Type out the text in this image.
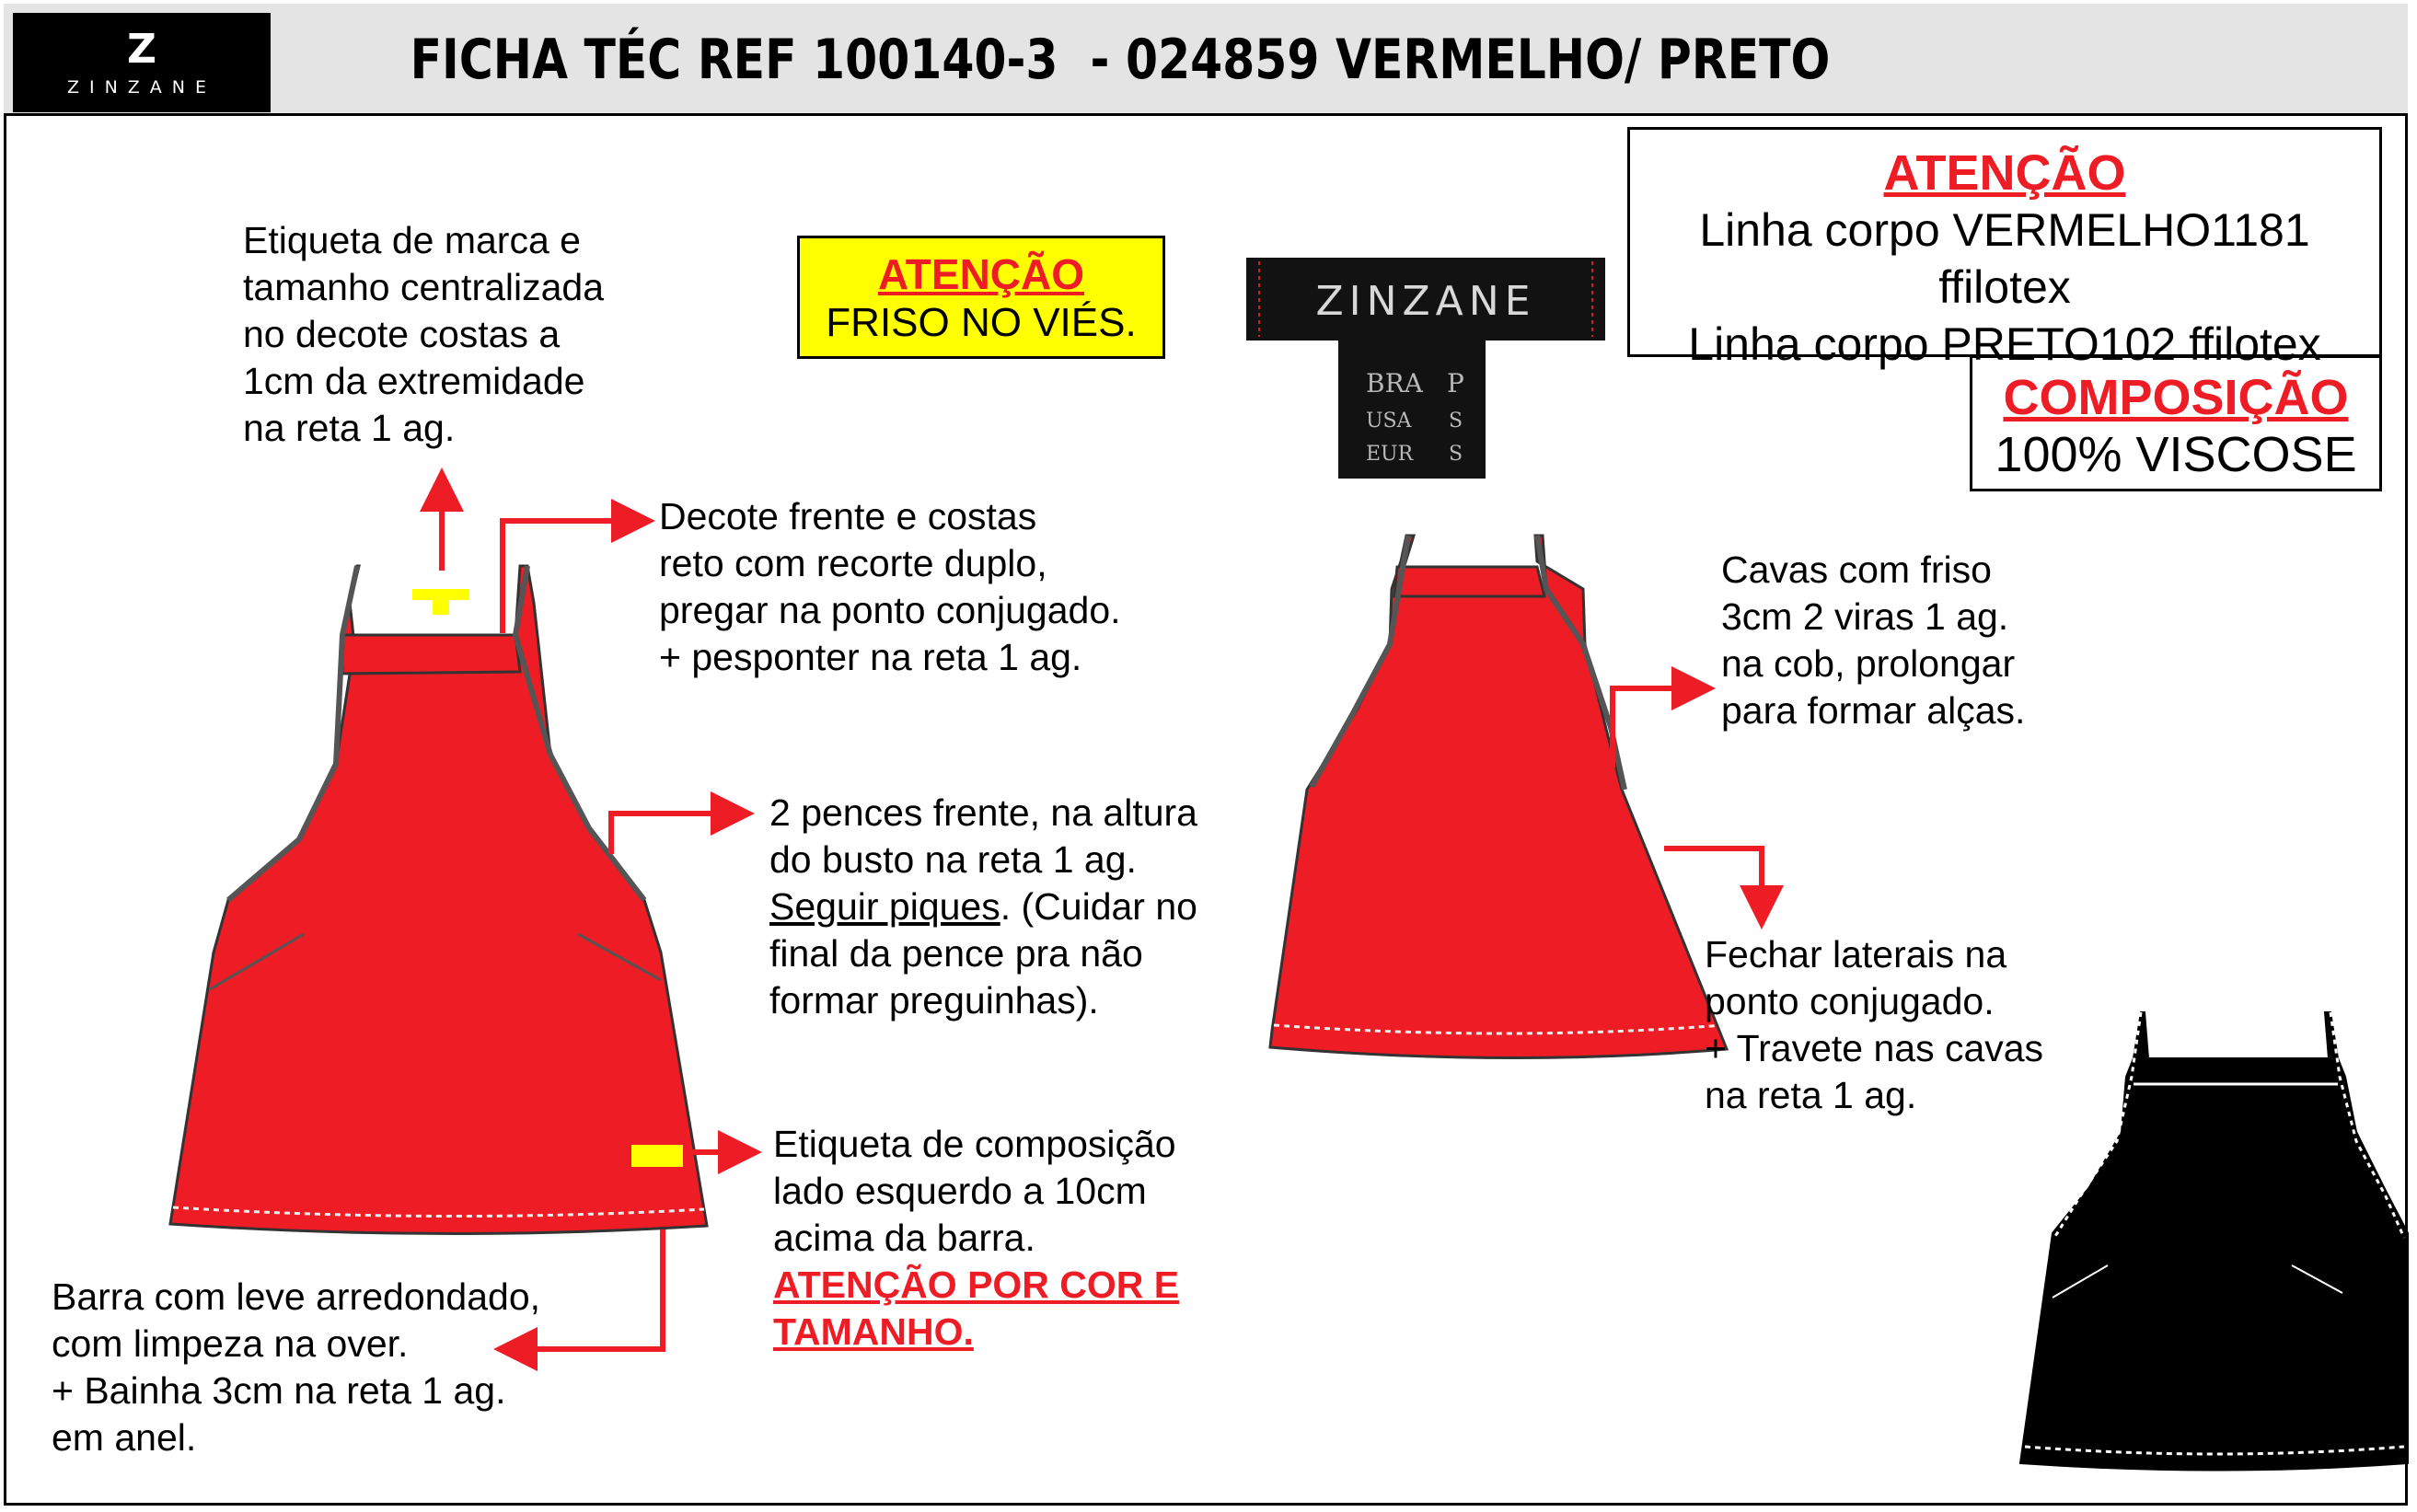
Z
ZINZANE	FICHA TÉC REF 100140-3  - 024859 VERMELHO/ PRETO
Etiqueta de marca e
tamanho centralizada
no decote costas a
1cm da extremidade
na reta 1 ag.
Decote frente e costas
reto com recorte duplo,
pregar na ponto conjugado.
+ pesponter na reta 1 ag.
2 pences frente, na altura
do busto na reta 1 ag.
Seguir piques. (Cuidar no
final da pence pra não
formar preguinhas).
Etiqueta de composição
lado esquerdo a 10cm
acima da barra.
ATENÇÃO POR COR E
TAMANHO.
Barra com leve arredondado,
com limpeza na over.
+ Bainha 3cm na reta 1 ag.
em anel.
Cavas com friso
3cm 2 viras 1 ag.
na cob, prolongar
para formar alças.
Fechar laterais na
ponto conjugado.
+ Travete nas cavas
na reta 1 ag.
ATENÇÃO
FRISO NO VIÉS.
ATENÇÃO
Linha corpo VERMELHO1181 ffilotex
Linha corpo PRETO102 ffilotex
COMPOSIÇÃO
100% VISCOSE
ZINZANE
BRA P
USA S
EUR S
